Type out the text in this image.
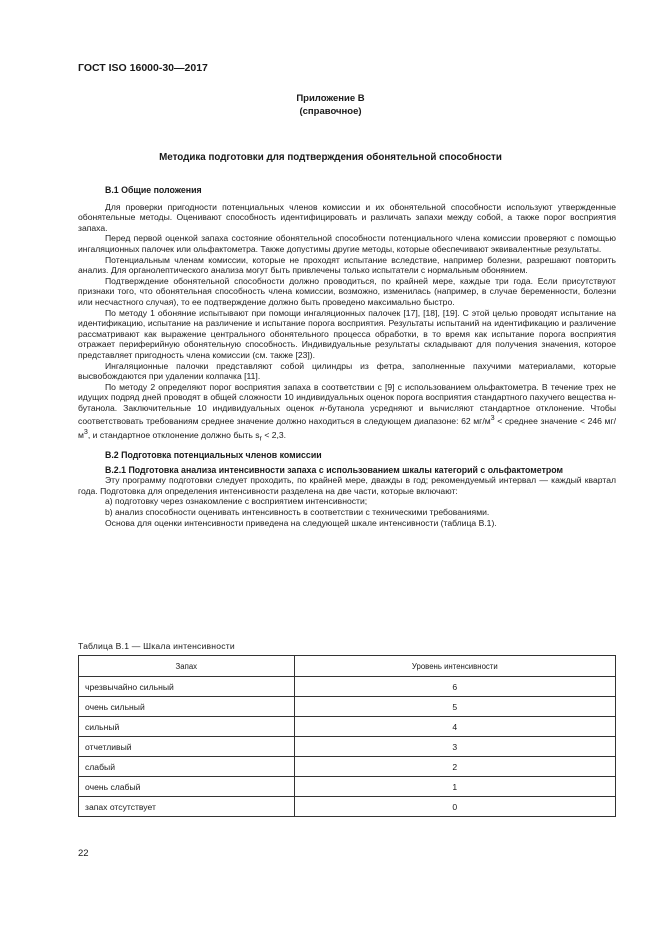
ГОСТ ISO 16000-30—2017
Приложение В
(справочное)
Методика подготовки для подтверждения обонятельной способности

В.1 Общие положения

Для проверки пригодности потенциальных членов комиссии и их обонятельной способности используют утвержденные обонятельные методы. Оценивают способность идентифицировать и различать запахи между собой, а также порог восприятия запаха.

Перед первой оценкой запаха состояние обонятельной способности потенциального члена комиссии проверяют с помощью ингаляционных палочек или ольфактометра. Также допустимы другие методы, которые обеспечивают эквивалентные результаты.

Потенциальным членам комиссии, которые не проходят испытание вследствие, например болезни, разрешают повторить анализ. Для органолептического анализа могут быть привлечены только испытатели с нормальным обонянием.

Подтверждение обонятельной способности должно проводиться, по крайней мере, каждые три года. Если присутствуют признаки того, что обонятельная способность члена комиссии, возможно, изменилась (например, в случае беременности, болезни или несчастного случая), то ее подтверждение должно быть проведено максимально быстро.

По методу 1 обоняние испытывают при помощи ингаляционных палочек [17], [18], [19]. С этой целью проводят испытание на идентификацию, испытание на различение и испытание порога восприятия. Результаты испытаний на идентификацию и различение рассматривают как выражение центрального обонятельного процесса обработки, в то время как испытание порога восприятия отражает периферийную обонятельную способность. Индивидуальные результаты складывают для получения значения, которое представляет пригодность члена комиссии (см. также [23]).

Ингаляционные палочки представляют собой цилиндры из фетра, заполненные пахучими материалами, которые высвобождаются при удалении колпачка [11].

По методу 2 определяют порог восприятия запаха в соответствии с [9] с использованием ольфактометра. В течение трех не идущих подряд дней проводят в общей сложности 10 индивидуальных оценок порога восприятия стандартного пахучего вещества н-бутанола. Заключительные 10 индивидуальных оценок н-бутанола усредняют и вычисляют стандартное отклонение. Чтобы соответствовать требованиям среднее значение должно находиться в следующем диапазоне: 62 $мг/м^3$ < среднее значение < 246 $мг/м^3$, и стандартное отклонение должно быть $s_r < 2,3$.

В.2 Подготовка потенциальных членов комиссии

В.2.1 Подготовка анализа интенсивности запаха с использованием шкалы категорий с ольфактометром

Эту программу подготовки следует проходить, по крайней мере, дважды в год; рекомендуемый интервал — каждый квартал года. Подготовка для определения интенсивности разделена на две части, которые включают:

a) подготовку через ознакомление с восприятием интенсивности;

b) анализ способности оценивать интенсивность в соответствии с техническими требованиями.

Основа для оценки интенсивности приведена на следующей шкале интенсивности (таблица В.1).

Таблица В.1 — Шкала интенсивности
Запах	Уровень интенсивности
чрезвычайно сильный	6
очень сильный	5
сильный	4
отчетливый	3
слабый	2
очень слабый	1
запах отсутствует	0
22
